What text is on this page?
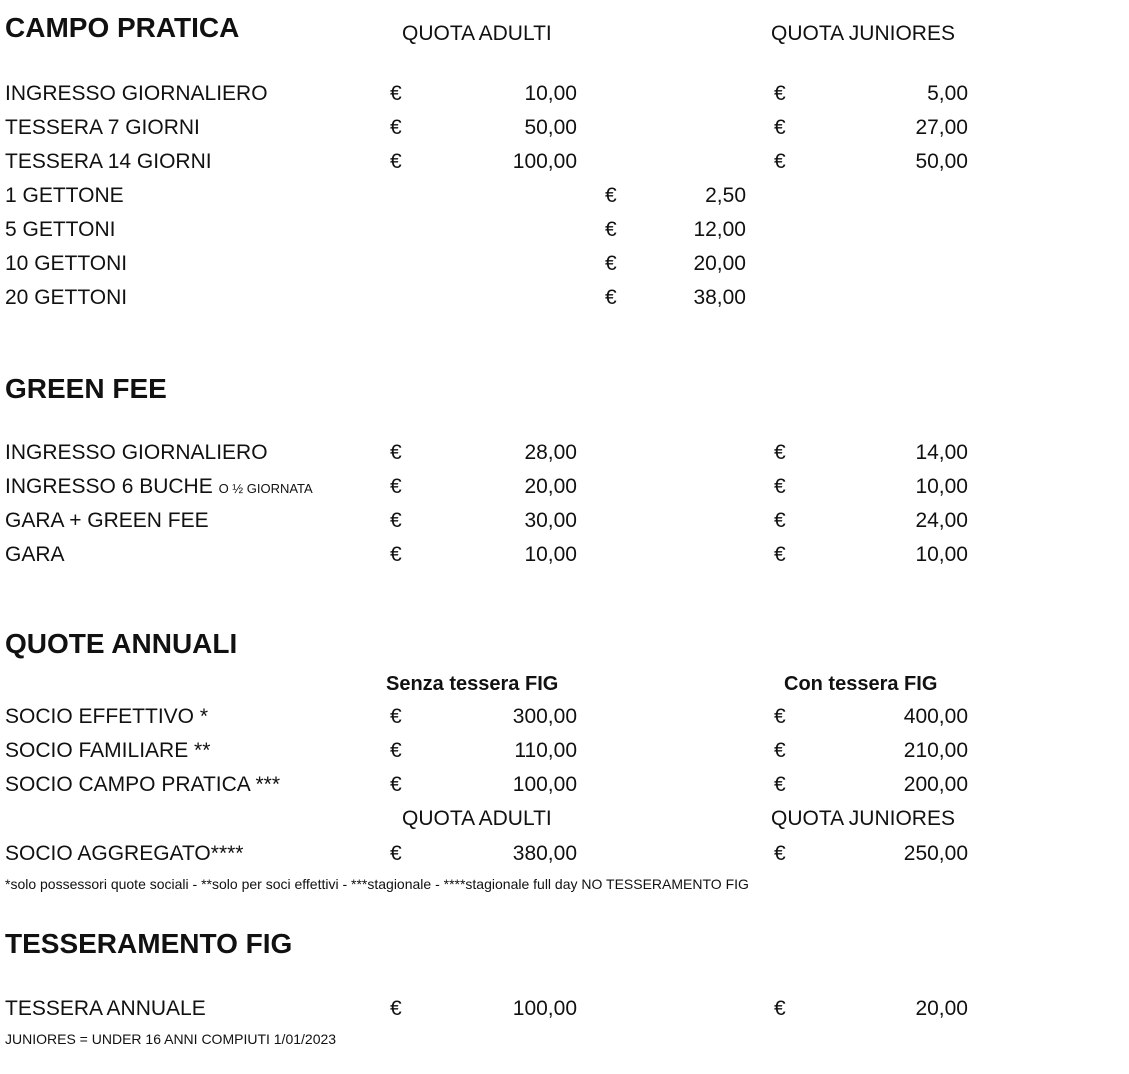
CAMPO PRATICA	QUOTA ADULTI	QUOTA JUNIORES
INGRESSO GIORNALIERO	€	10,00	€	5,00
TESSERA 7 GIORNI	€	50,00	€	27,00
TESSERA 14 GIORNI	€	100,00	€	50,00
1 GETTONE	€	2,50
5 GETTONI	€	12,00
10 GETTONI	€	20,00
20 GETTONI	€	38,00
GREEN FEE
INGRESSO GIORNALIERO	€	28,00	€	14,00
INGRESSO 6 BUCHE O ½ GIORNATA	€	20,00	€	10,00
GARA + GREEN FEE	€	30,00	€	24,00
GARA	€	10,00	€	10,00
QUOTE ANNUALI
Senza tessera FIG	Con tessera FIG
SOCIO EFFETTIVO *	€	300,00	€	400,00
SOCIO FAMILIARE **	€	110,00	€	210,00
SOCIO CAMPO PRATICA ***	€	100,00	€	200,00
QUOTA ADULTI	QUOTA JUNIORES
SOCIO AGGREGATO****	€	380,00	€	250,00
*solo possessori quote sociali - **solo per soci effettivi - ***stagionale - ****stagionale full day NO TESSERAMENTO FIG
TESSERAMENTO FIG
TESSERA ANNUALE	€	100,00	€	20,00
JUNIORES = UNDER 16 ANNI COMPIUTI 1/01/2023
